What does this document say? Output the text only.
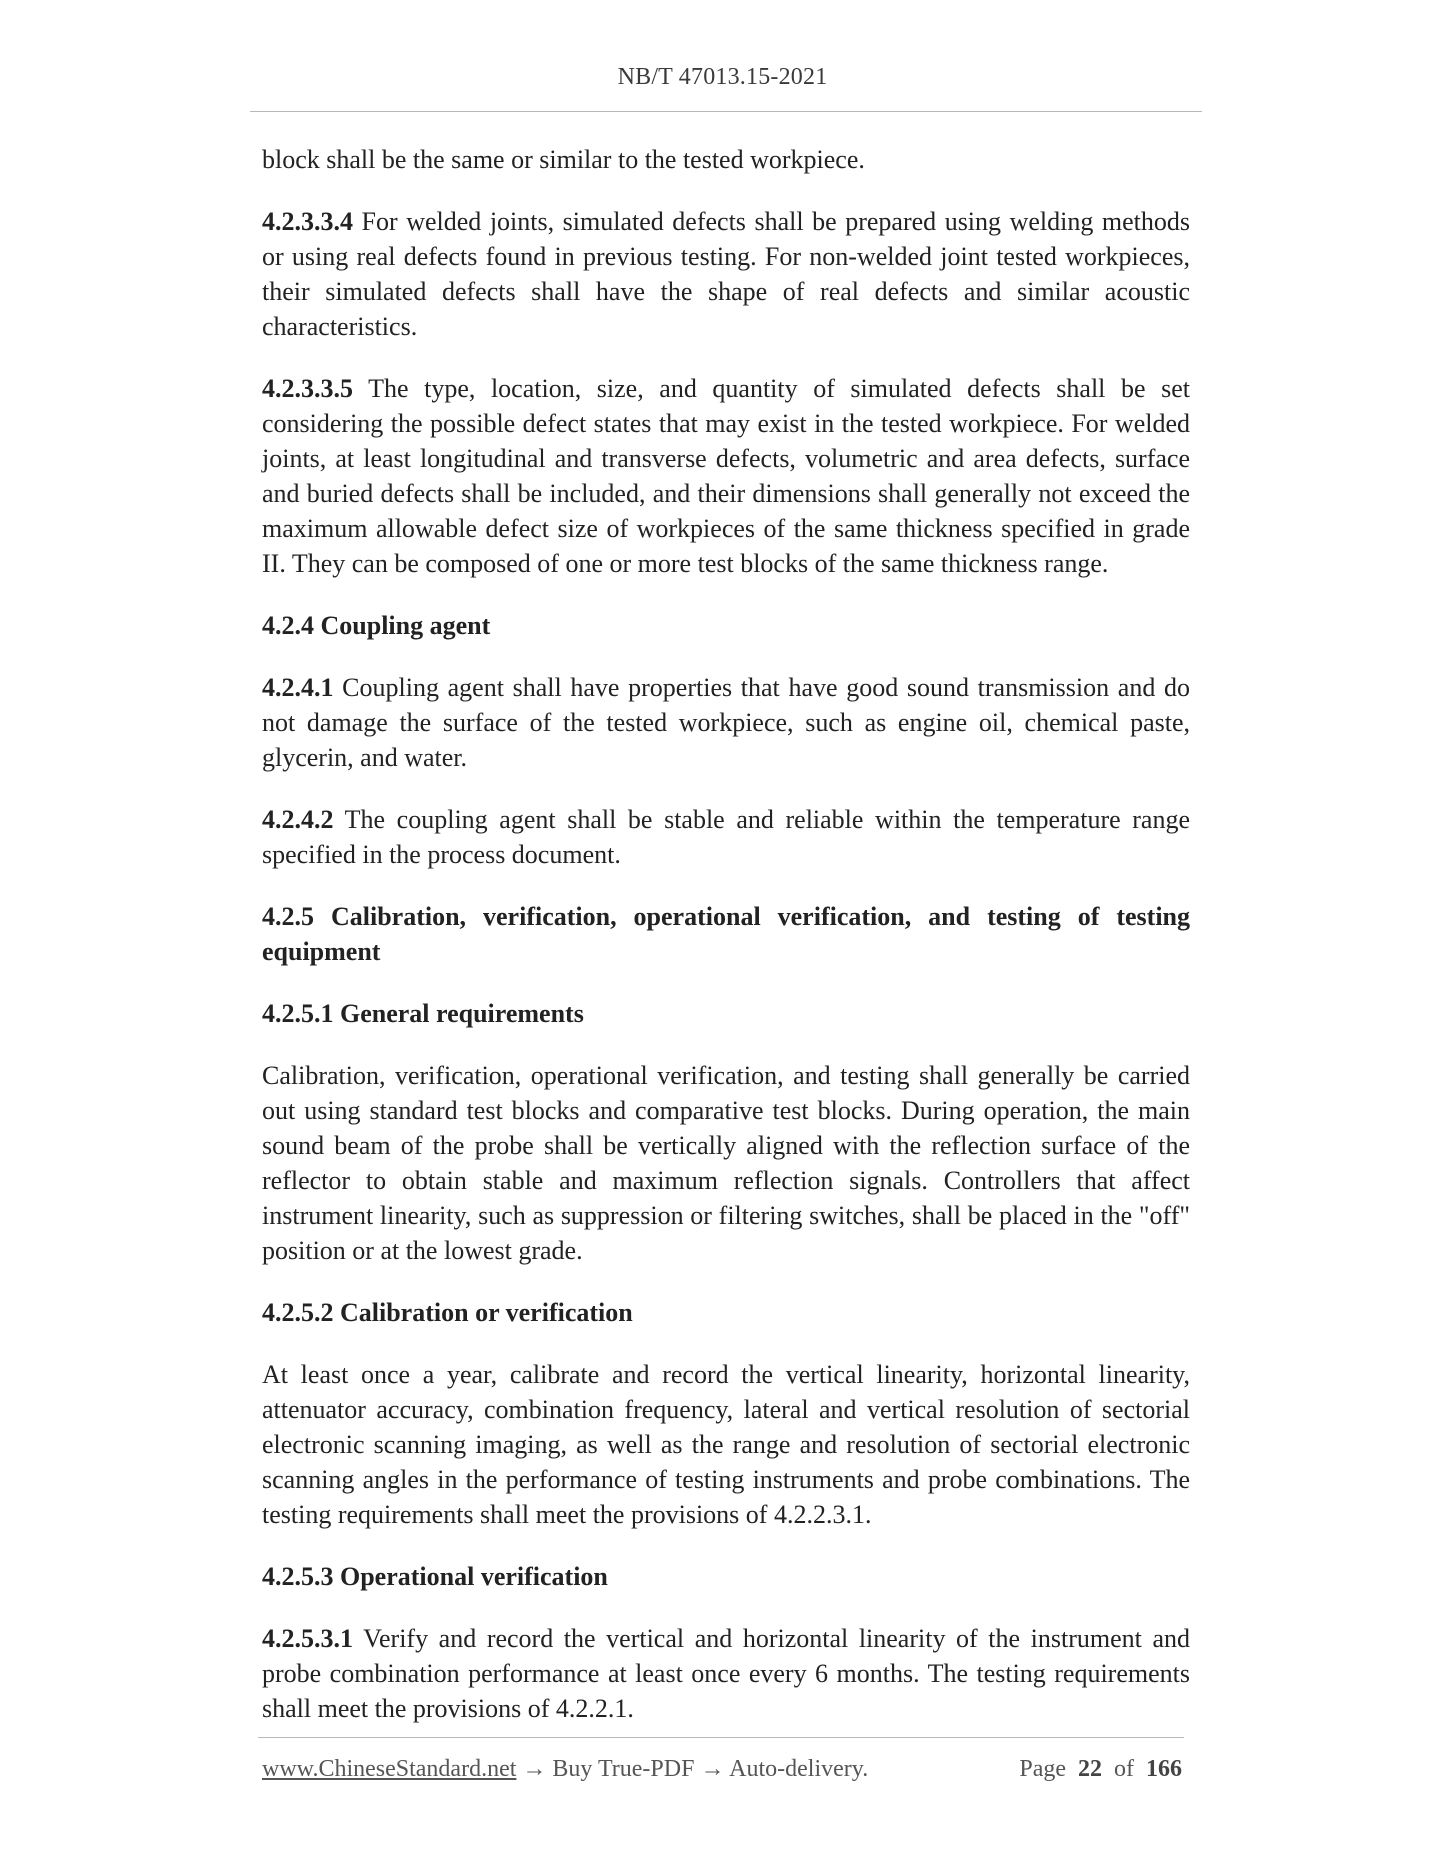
NB/T 47013.15-2021

block shall be the same or similar to the tested workpiece.

4.2.3.3.4 For welded joints, simulated defects shall be prepared using welding methods or using real defects found in previous testing. For non-welded joint tested workpieces, their simulated defects shall have the shape of real defects and similar acoustic characteristics.

4.2.3.3.5 The type, location, size, and quantity of simulated defects shall be set considering the possible defect states that may exist in the tested workpiece. For welded joints, at least longitudinal and transverse defects, volumetric and area defects, surface and buried defects shall be included, and their dimensions shall generally not exceed the maximum allowable defect size of workpieces of the same thickness specified in grade II. They can be composed of one or more test blocks of the same thickness range.

4.2.4 Coupling agent

4.2.4.1 Coupling agent shall have properties that have good sound transmission and do not damage the surface of the tested workpiece, such as engine oil, chemical paste, glycerin, and water.

4.2.4.2 The coupling agent shall be stable and reliable within the temperature range specified in the process document.

4.2.5 Calibration, verification, operational verification, and testing of testing equipment

4.2.5.1 General requirements

Calibration, verification, operational verification, and testing shall generally be carried out using standard test blocks and comparative test blocks. During operation, the main sound beam of the probe shall be vertically aligned with the reflection surface of the reflector to obtain stable and maximum reflection signals. Controllers that affect instrument linearity, such as suppression or filtering switches, shall be placed in the "off" position or at the lowest grade.

4.2.5.2 Calibration or verification

At least once a year, calibrate and record the vertical linearity, horizontal linearity, attenuator accuracy, combination frequency, lateral and vertical resolution of sectorial electronic scanning imaging, as well as the range and resolution of sectorial electronic scanning angles in the performance of testing instruments and probe combinations. The testing requirements shall meet the provisions of 4.2.2.3.1.

4.2.5.3 Operational verification

4.2.5.3.1 Verify and record the vertical and horizontal linearity of the instrument and probe combination performance at least once every 6 months. The testing requirements shall meet the provisions of 4.2.2.1.

www.ChineseStandard.net → Buy True-PDF → Auto-delivery.	Page 22 of 166
